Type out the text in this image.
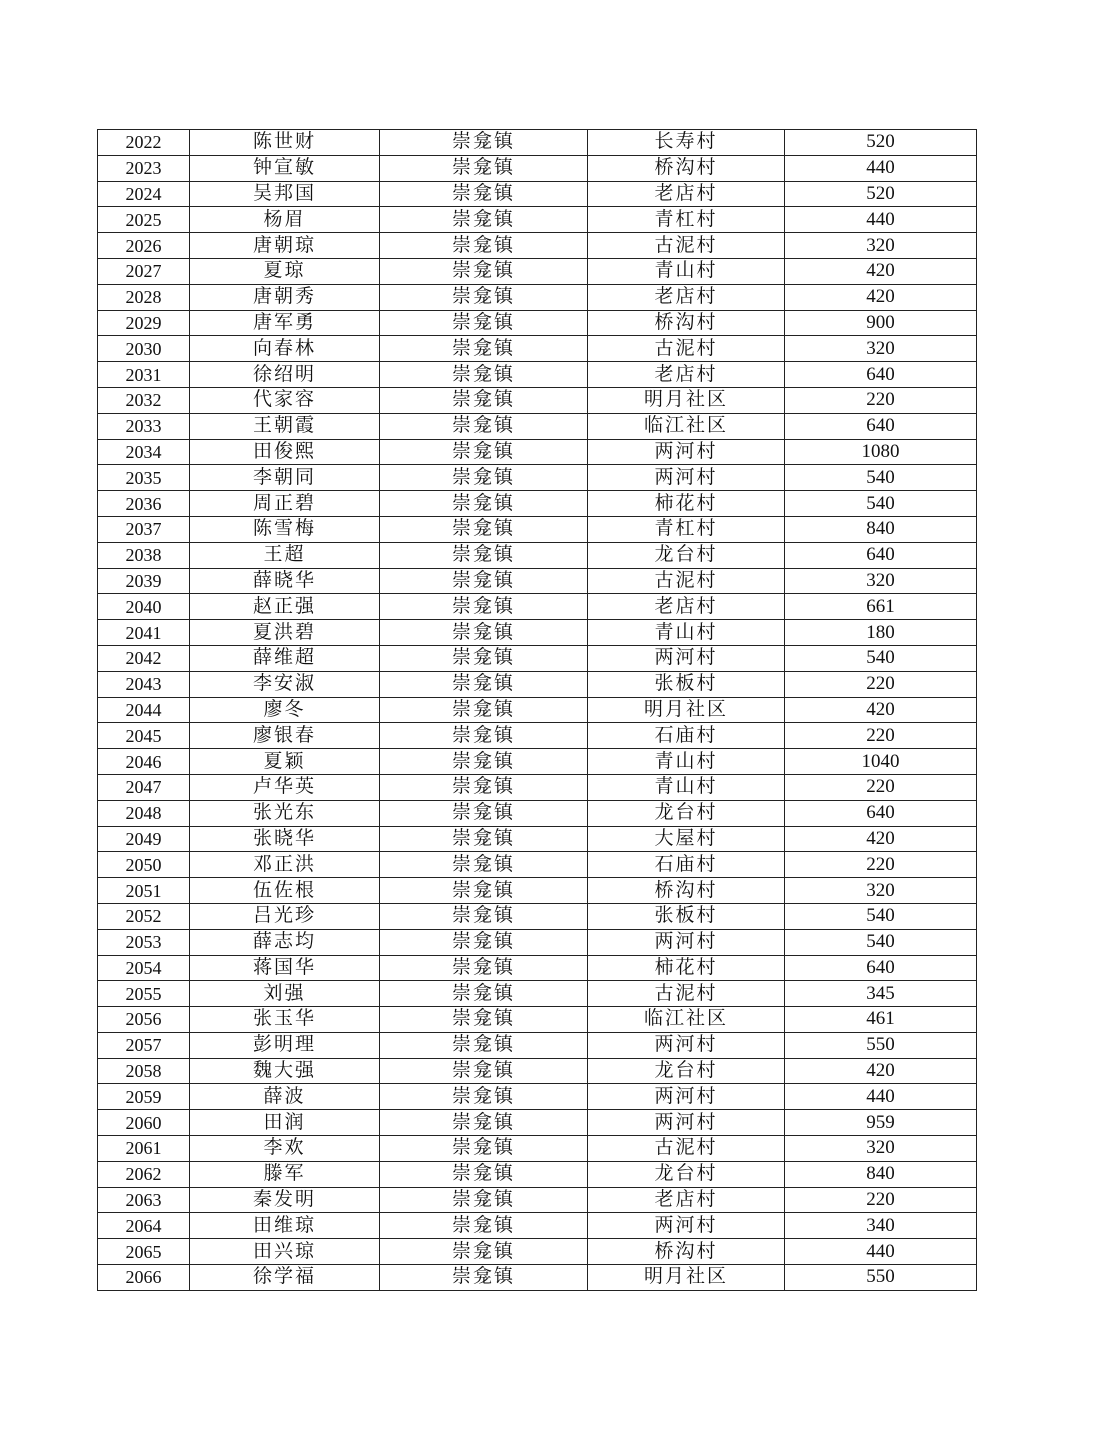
2022	陈世财	崇龛镇	长寿村	520
2023	钟宣敏	崇龛镇	桥沟村	440
2024	吴邦国	崇龛镇	老店村	520
2025	杨眉	崇龛镇	青杠村	440
2026	唐朝琼	崇龛镇	古泥村	320
2027	夏琼	崇龛镇	青山村	420
2028	唐朝秀	崇龛镇	老店村	420
2029	唐军勇	崇龛镇	桥沟村	900
2030	向春林	崇龛镇	古泥村	320
2031	徐绍明	崇龛镇	老店村	640
2032	代家容	崇龛镇	明月社区	220
2033	王朝霞	崇龛镇	临江社区	640
2034	田俊熙	崇龛镇	两河村	1080
2035	李朝同	崇龛镇	两河村	540
2036	周正碧	崇龛镇	柿花村	540
2037	陈雪梅	崇龛镇	青杠村	840
2038	王超	崇龛镇	龙台村	640
2039	薛晓华	崇龛镇	古泥村	320
2040	赵正强	崇龛镇	老店村	661
2041	夏洪碧	崇龛镇	青山村	180
2042	薛维超	崇龛镇	两河村	540
2043	李安淑	崇龛镇	张板村	220
2044	廖冬	崇龛镇	明月社区	420
2045	廖银春	崇龛镇	石庙村	220
2046	夏颖	崇龛镇	青山村	1040
2047	卢华英	崇龛镇	青山村	220
2048	张光东	崇龛镇	龙台村	640
2049	张晓华	崇龛镇	大屋村	420
2050	邓正洪	崇龛镇	石庙村	220
2051	伍佐根	崇龛镇	桥沟村	320
2052	吕光珍	崇龛镇	张板村	540
2053	薛志均	崇龛镇	两河村	540
2054	蒋国华	崇龛镇	柿花村	640
2055	刘强	崇龛镇	古泥村	345
2056	张玉华	崇龛镇	临江社区	461
2057	彭明理	崇龛镇	两河村	550
2058	魏大强	崇龛镇	龙台村	420
2059	薛波	崇龛镇	两河村	440
2060	田润	崇龛镇	两河村	959
2061	李欢	崇龛镇	古泥村	320
2062	滕军	崇龛镇	龙台村	840
2063	秦发明	崇龛镇	老店村	220
2064	田维琼	崇龛镇	两河村	340
2065	田兴琼	崇龛镇	桥沟村	440
2066	徐学福	崇龛镇	明月社区	550
